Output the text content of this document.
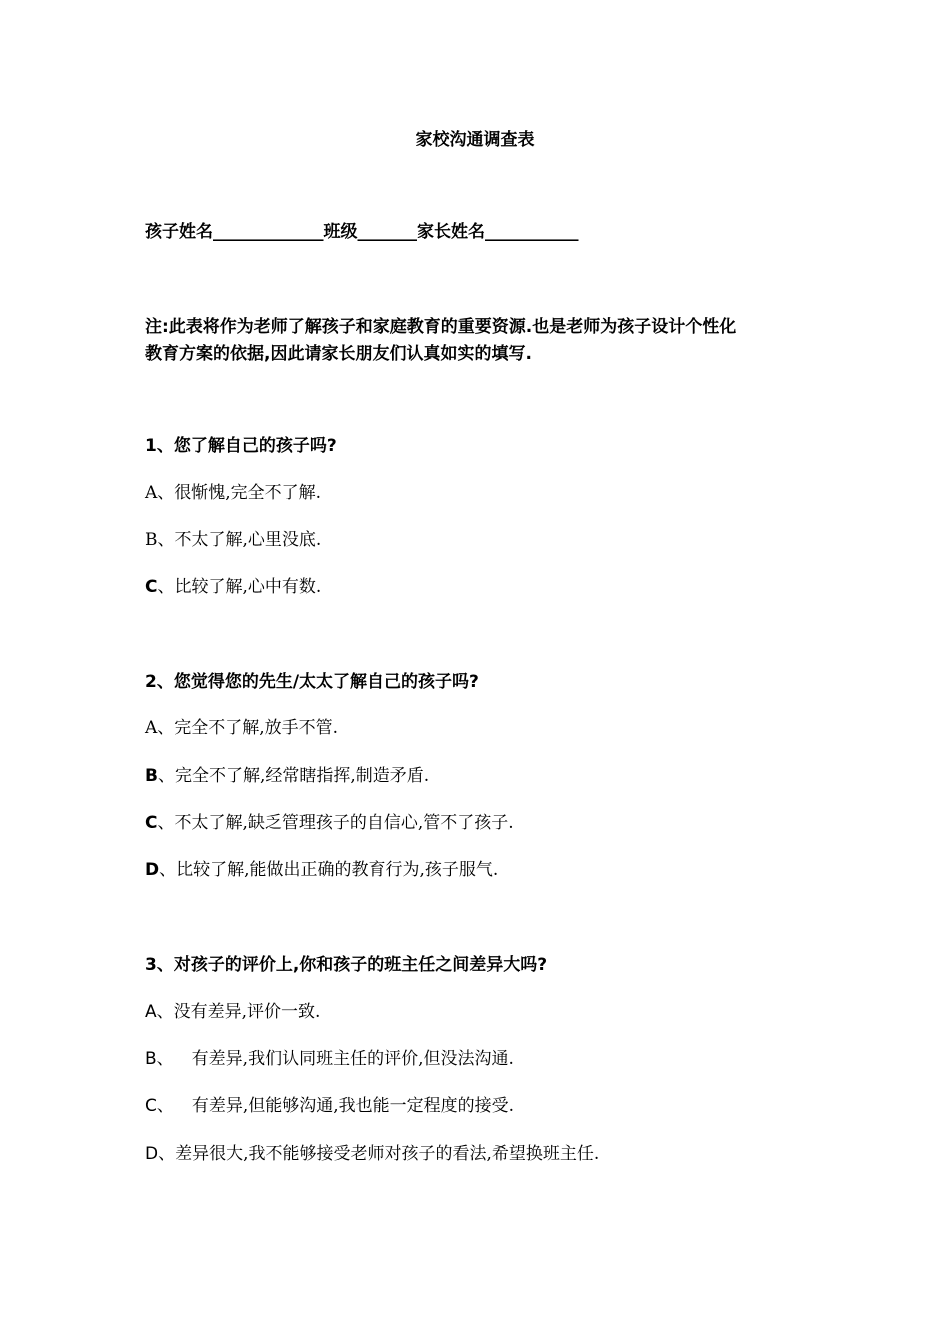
家校沟通调查表
孩子姓名_____________班级_______家长姓名___________
注:此表将作为老师了解孩子和家庭教育的重要资源.也是老师为孩子设计个性化
教育方案的依据,因此请家长朋友们认真如实的填写.
1、您了解自己的孩子吗?
A、很惭愧,完全不了解.
B、不太了解,心里没底.
C、比较了解,心中有数.
2、您觉得您的先生/太太了解自己的孩子吗?
A、完全不了解,放手不管.
B、完全不了解,经常瞎指挥,制造矛盾.
C、不太了解,缺乏管理孩子的自信心,管不了孩子.
D、比较了解,能做出正确的教育行为,孩子服气.
3、对孩子的评价上,你和孩子的班主任之间差异大吗?
A、没有差异,评价一致.
B、 有差异,我们认同班主任的评价,但没法沟通.
C、 有差异,但能够沟通,我也能一定程度的接受.
D、差异很大,我不能够接受老师对孩子的看法,希望换班主任.
